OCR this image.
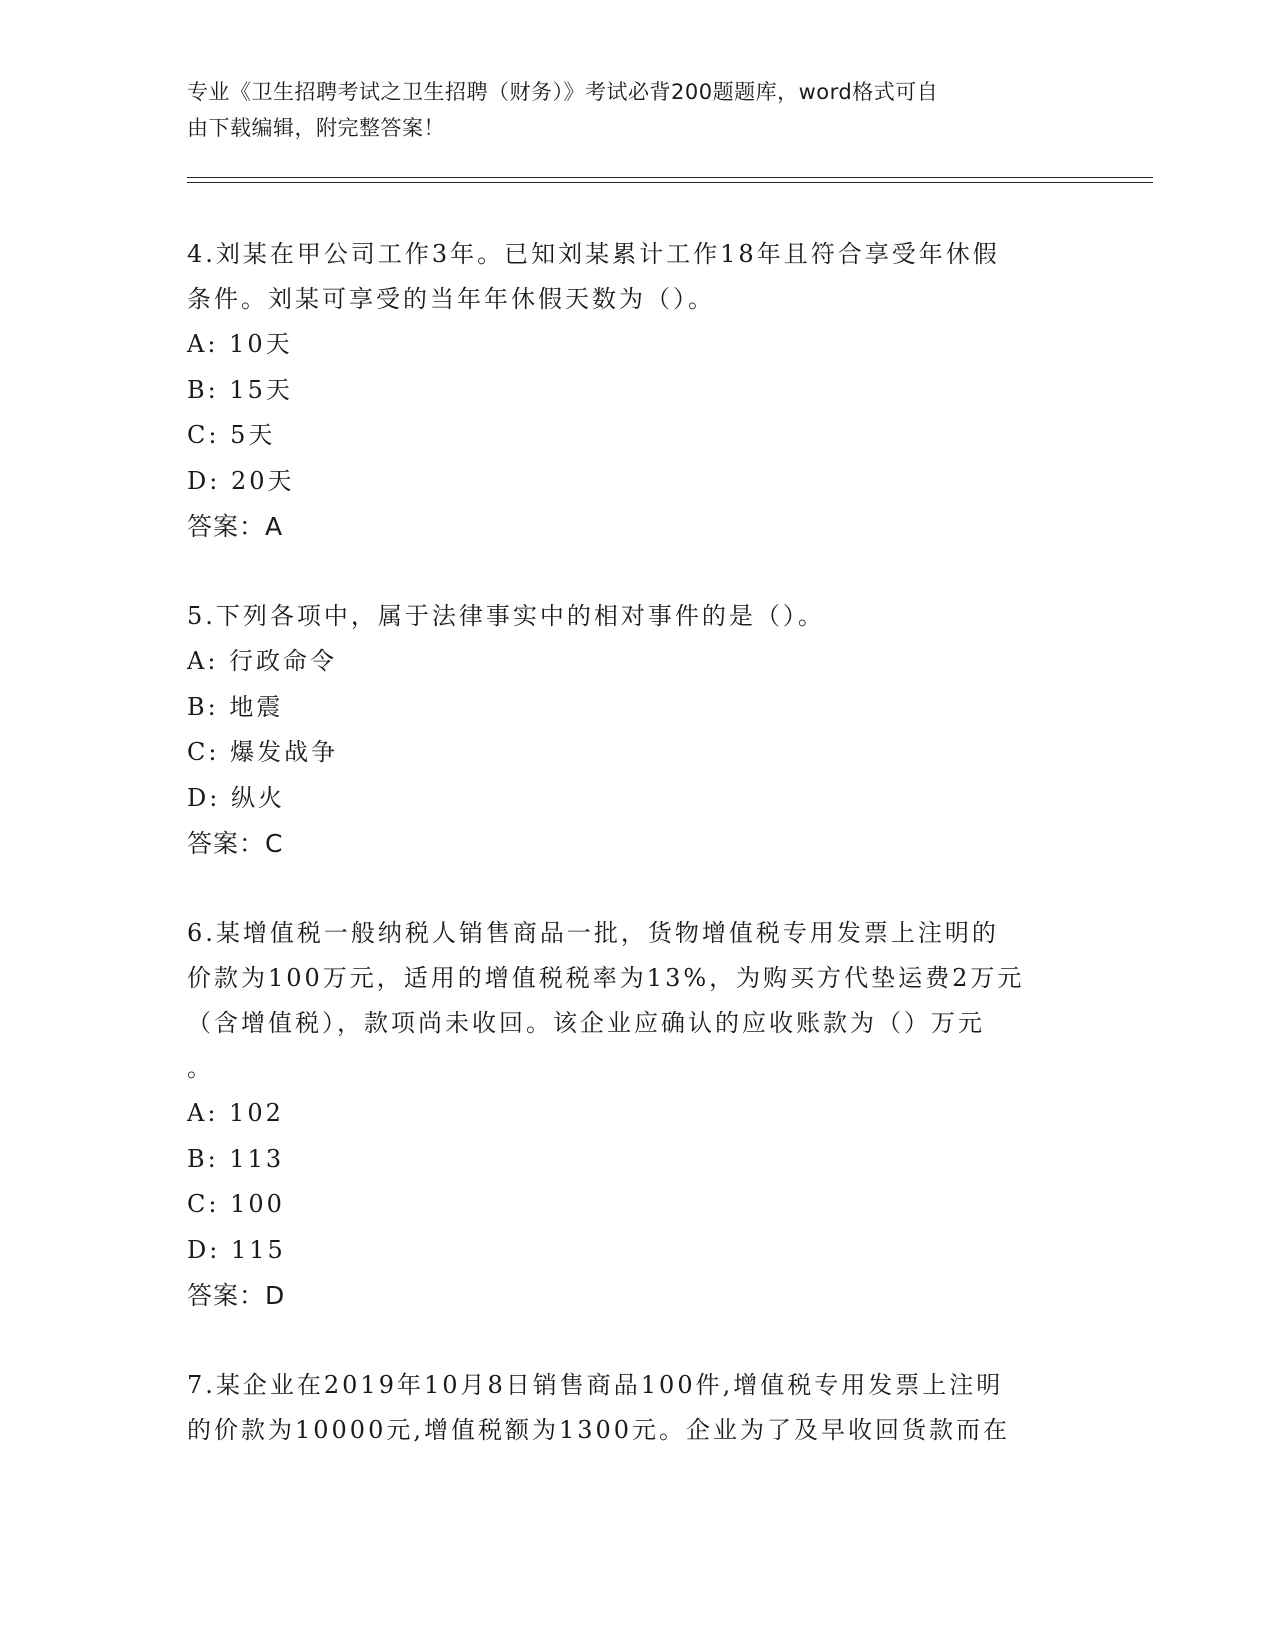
专业《卫生招聘考试之卫生招聘（财务）》考试必背200题题库，word格式可自
由下载编辑，附完整答案！
4.刘某在甲公司工作3年。已知刘某累计工作18年且符合享受年休假
条件。刘某可享受的当年年休假天数为（）。
A: 10天
B: 15天
C: 5天
D: 20天
答案：A
5.下列各项中，属于法律事实中的相对事件的是（）。
A: 行政命令
B: 地震
C: 爆发战争
D: 纵火
答案：C
6.某增值税一般纳税人销售商品一批，货物增值税专用发票上注明的
价款为100万元，适用的增值税税率为13%，为购买方代垫运费2万元
（含增值税），款项尚未收回。该企业应确认的应收账款为（）万元
。
A: 102
B: 113
C: 100
D: 115
答案：D
7.某企业在2019年10月8日销售商品100件,增值税专用发票上注明
的价款为10000元,增值税额为1300元。企业为了及早收回货款而在
